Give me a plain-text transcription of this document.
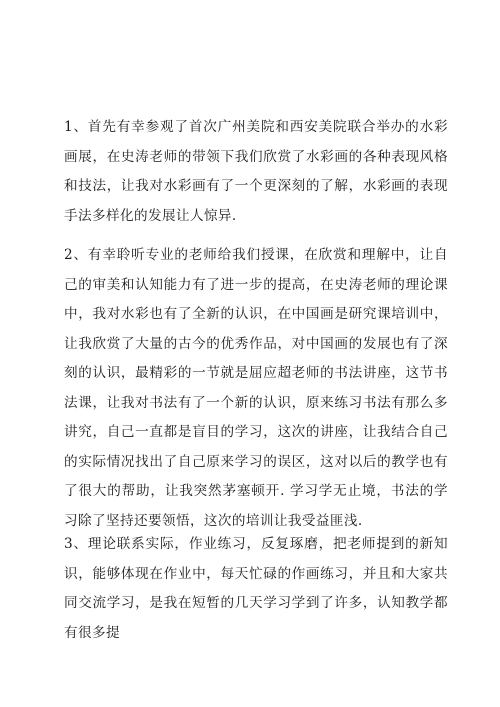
1、首先有幸参观了首次广州美院和西安美院联合举办的水彩画展，在史涛老师的带领下我们欣赏了水彩画的各种表现风格和技法，让我对水彩画有了一个更深刻的了解，水彩画的表现手法多样化的发展让人惊异.

2、有幸聆听专业的老师给我们授课，在欣赏和理解中，让自己的审美和认知能力有了进一步的提高，在史涛老师的理论课中，我对水彩也有了全新的认识，在中国画是研究课培训中，让我欣赏了大量的古今的优秀作品，对中国画的发展也有了深刻的认识，最精彩的一节就是屈应超老师的书法讲座，这节书法课，让我对书法有了一个新的认识，原来练习书法有那么多讲究，自己一直都是盲目的学习，这次的讲座，让我结合自己的实际情况找出了自己原来学习的误区，这对以后的教学也有了很大的帮助，让我突然茅塞顿开. 学习学无止境，书法的学习除了坚持还要领悟，这次的培训让我受益匪浅.

3、理论联系实际，作业练习，反复琢磨，把老师提到的新知识，能够体现在作业中，每天忙碌的作画练习，并且和大家共同交流学习，是我在短暂的几天学习学到了许多，认知教学都有很多提
